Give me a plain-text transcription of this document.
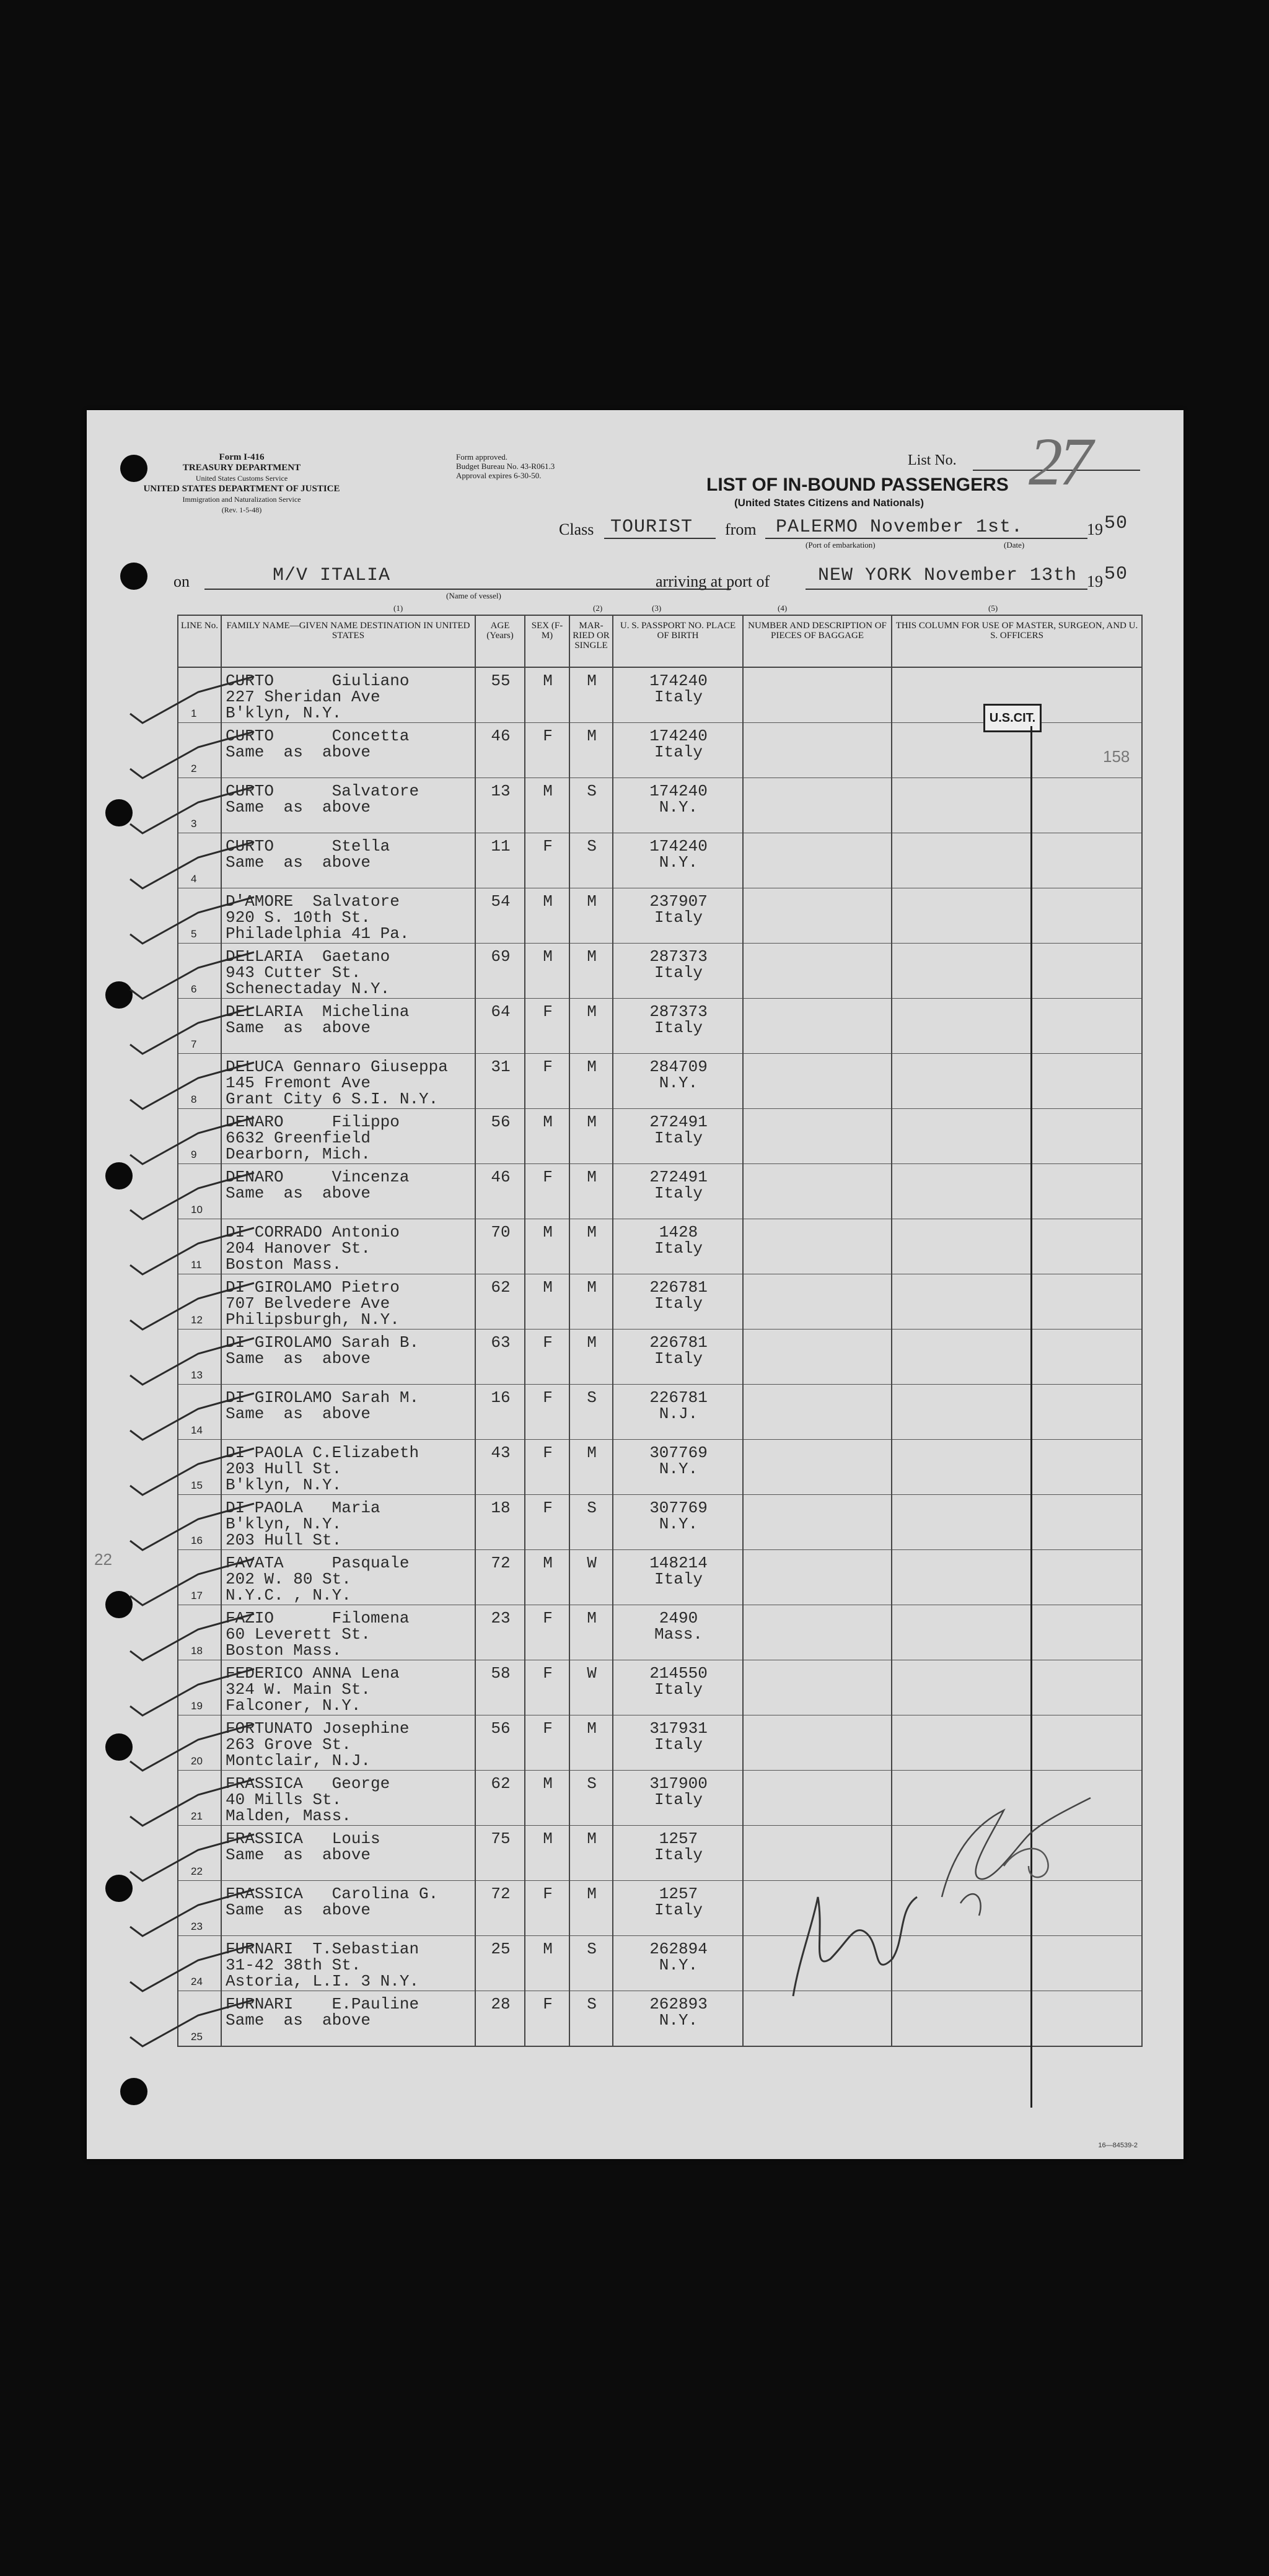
Form I-416
TREASURY DEPARTMENT
United States Customs Service
UNITED STATES DEPARTMENT OF JUSTICE
Immigration and Naturalization Service
(Rev. 1-5-48)
Form approved.
Budget Bureau No. 43-R061.3
Approval expires 6-30-50.
List No. 27
LIST OF IN-BOUND PASSENGERS
(United States Citizens and Nationals)
Class TOURIST from PALERMO November 1st.	19 50
(Port of embarkation)	(Date)
on	M/V ITALIA
(Name of vessel)
arriving at port of	NEW YORK November 13th 19 50
(1)	(2)	(3)	(4)	(5)
LINE No.	FAMILY NAME—GIVEN NAME DESTINATION IN UNITED STATES	AGE (Years)	SEX (F-M)	MAR-RIED OR SINGLE	U. S. PASSPORT NO. PLACE OF BIRTH	NUMBER AND DESCRIPTION OF PIECES OF BAGGAGE	THIS COLUMN FOR USE OF MASTER, SURGEON, AND U. S. OFFICERS

1	CURTO      Giuliano
227 Sheridan Ave
B'klyn, N.Y.	55	M	M	174240
Italy		

2	CURTO      Concetta
Same  as  above	46	F	M	174240
Italy		

3	CURTO      Salvatore
Same  as  above	13	M	S	174240
N.Y.		

4	CURTO      Stella
Same  as  above	11	F	S	174240
N.Y.		

5	D'AMORE  Salvatore
920 S. 10th St.
Philadelphia 41 Pa.	54	M	M	237907
Italy		

6	DELLARIA  Gaetano
943 Cutter St.
Schenectaday N.Y.	69	M	M	287373
Italy		

7	DELLARIA  Michelina
Same  as  above	64	F	M	287373
Italy		

8	DELUCA Gennaro Giuseppa
145 Fremont Ave
Grant City 6 S.I. N.Y.	31	F	M	284709
N.Y.		

9	DENARO     Filippo
6632 Greenfield
Dearborn, Mich.	56	M	M	272491
Italy		

10	DENARO     Vincenza
Same  as  above	46	F	M	272491
Italy		

11	DI CORRADO Antonio
204 Hanover St.
Boston Mass.	70	M	M	1428
Italy		

12	DI GIROLAMO Pietro
707 Belvedere Ave
Philipsburgh, N.Y.	62	M	M	226781
Italy		

13	DI GIROLAMO Sarah B.
Same  as  above	63	F	M	226781
Italy		

14	DI GIROLAMO Sarah M.
Same  as  above	16	F	S	226781
N.J.		

15	DI PAOLA C.Elizabeth
203 Hull St.
B'klyn, N.Y.	43	F	M	307769
N.Y.		

16	DI PAOLA   Maria
B'klyn, N.Y.
203 Hull St.	18	F	S	307769
N.Y.		

17	FAVATA     Pasquale
202 W. 80 St.
N.Y.C. , N.Y.	72	M	W	148214
Italy		

18	FAZIO      Filomena
60 Leverett St.
Boston Mass.	23	F	M	2490
Mass.		

19	FEDERICO ANNA Lena
324 W. Main St.
Falconer, N.Y.	58	F	W	214550
Italy		

20	FORTUNATO Josephine
263 Grove St.
Montclair, N.J.	56	F	M	317931
Italy		

21	FRASSICA   George
40 Mills St.
Malden, Mass.	62	M	S	317900
Italy		

22	FRASSICA   Louis
Same  as  above	75	M	M	1257
Italy		

23	FRASSICA   Carolina G.
Same  as  above	72	F	M	1257
Italy		

24	FURNARI  T.Sebastian
31-42 38th St.
Astoria, L.I. 3 N.Y.	25	M	S	262894
N.Y.		

25	FURNARI    E.Pauline
Same  as  above	28	F	S	262893
N.Y.		

U.S.CIT.
158
22
16—84539-2
